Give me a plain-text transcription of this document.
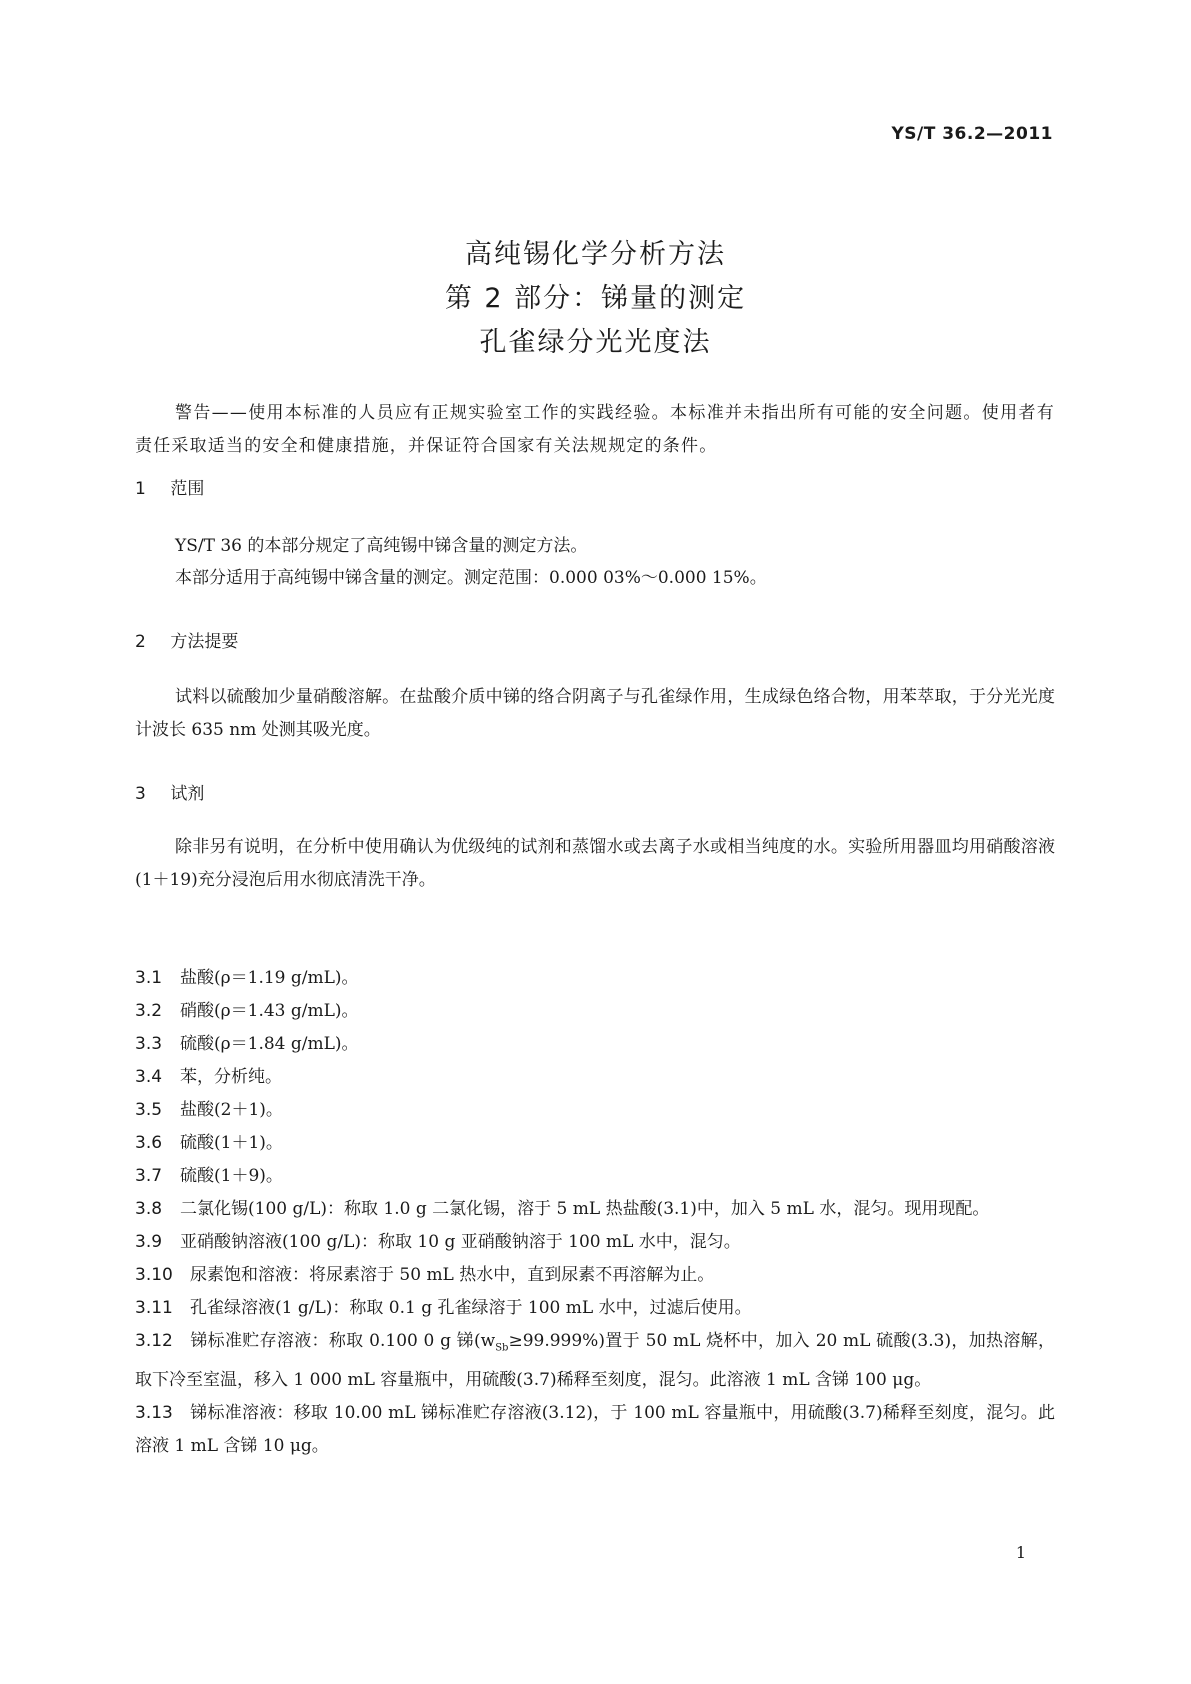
YS/T 36.2—2011
高纯锡化学分析方法
第 2 部分：锑量的测定
孔雀绿分光光度法
警告——使用本标准的人员应有正规实验室工作的实践经验。本标准并未指出所有可能的安全问题。使用者有责任采取适当的安全和健康措施，并保证符合国家有关法规规定的条件。
1 范围
YS/T 36 的本部分规定了高纯锡中锑含量的测定方法。
本部分适用于高纯锡中锑含量的测定。测定范围：0.000 03%～0.000 15%。
2 方法提要
试料以硫酸加少量硝酸溶解。在盐酸介质中锑的络合阴离子与孔雀绿作用，生成绿色络合物，用苯萃取，于分光光度计波长 635 nm 处测其吸光度。
3 试剂
除非另有说明，在分析中使用确认为优级纯的试剂和蒸馏水或去离子水或相当纯度的水。实验所用器皿均用硝酸溶液(1＋19)充分浸泡后用水彻底清洗干净。
3.1 盐酸(ρ＝1.19 g/mL)。
3.2 硝酸(ρ＝1.43 g/mL)。
3.3 硫酸(ρ＝1.84 g/mL)。
3.4 苯，分析纯。
3.5 盐酸(2＋1)。
3.6 硫酸(1＋1)。
3.7 硫酸(1＋9)。
3.8 二氯化锡(100 g/L)：称取 1.0 g 二氯化锡，溶于 5 mL 热盐酸(3.1)中，加入 5 mL 水，混匀。现用现配。
3.9 亚硝酸钠溶液(100 g/L)：称取 10 g 亚硝酸钠溶于 100 mL 水中，混匀。
3.10 尿素饱和溶液：将尿素溶于 50 mL 热水中，直到尿素不再溶解为止。
3.11 孔雀绿溶液(1 g/L)：称取 0.1 g 孔雀绿溶于 100 mL 水中，过滤后使用。
3.12 锑标准贮存溶液：称取 0.100 0 g 锑$(w_{Sb}\ge 99.999\%)$置于 50 mL 烧杯中，加入 20 mL 硫酸(3.3)，加热溶解，取下冷至室温，移入 1 000 mL 容量瓶中，用硫酸(3.7)稀释至刻度，混匀。此溶液 1 mL 含锑 100 μg。
3.13 锑标准溶液：移取 10.00 mL 锑标准贮存溶液(3.12)，于 100 mL 容量瓶中，用硫酸(3.7)稀释至刻度，混匀。此溶液 1 mL 含锑 10 μg。
1
